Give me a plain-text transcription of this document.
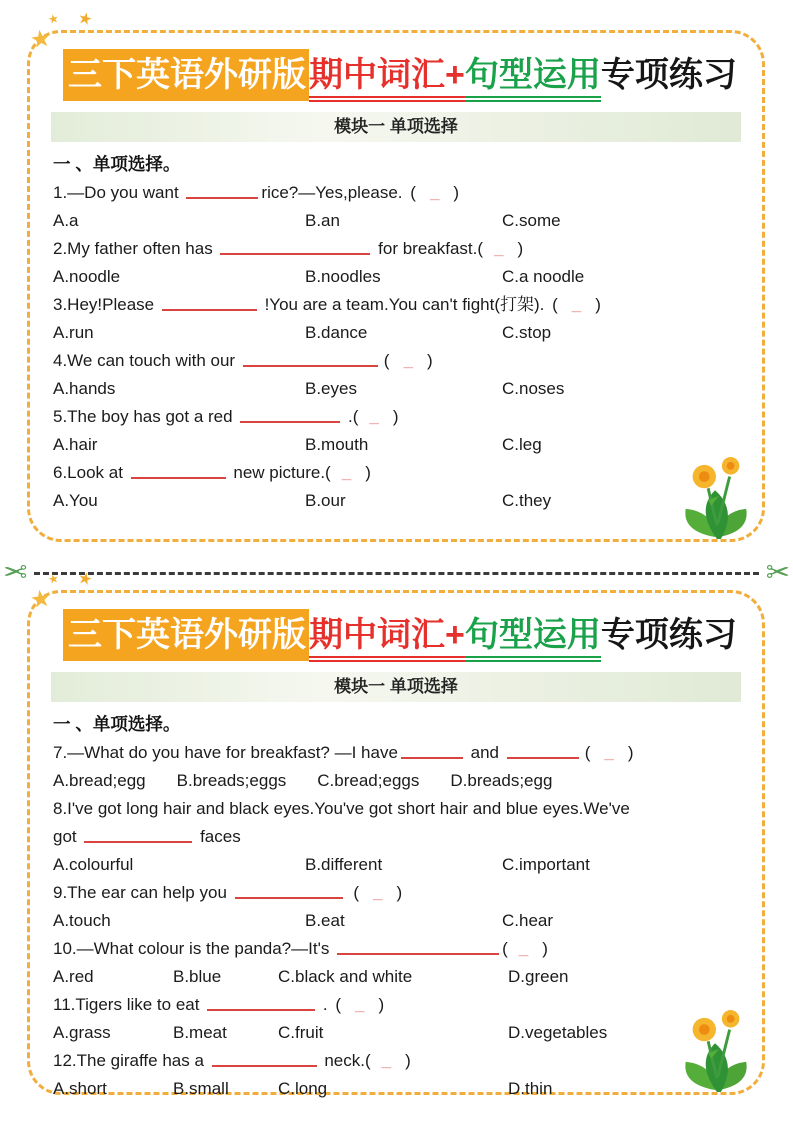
★ ★
★
三下英语外研版期中词汇+句型运用专项练习
模块一 单项选择
一 、单项选择。
1.—Do you want	rice?—Yes,please. ( _ )
A.a	B.an	C.some
2.My father often has	for breakfast.( _ )
A.noodle	B.noodles	C.a noodle
3.Hey!Please	!You are a team.You can't fight(打架). ( _ )
A.run	B.dance	C.stop
4.We can touch with our	( _ )
A.hands	B.eyes	C.noses
5.The boy has got a red	.( _ )
A.hair	B.mouth	C.leg
6.Look at	new picture.( _ )
A.You	B.our	C.they
✂	✂
★ ★
★
三下英语外研版期中词汇+句型运用专项练习
模块一 单项选择
一 、单项选择。
7.—What do you have for breakfast? —I have	and	( _ )
A.bread;egg B.breads;eggs C.bread;eggs D.breads;egg
8.I've got long hair and black eyes.You've got short hair and blue eyes.We've
got	faces
A.colourful	B.different	C.important
9.The ear can help you	( _ )
A.touch	B.eat	C.hear
10.—What colour is the panda?—It's	( _ )
A.red	B.blue	C.black and white	D.green
11.Tigers like to eat	. ( _ )
A.grass	B.meat	C.fruit	D.vegetables
12.The giraffe has a	neck.( _ )
A.short	B.small	C.long	D.thin
